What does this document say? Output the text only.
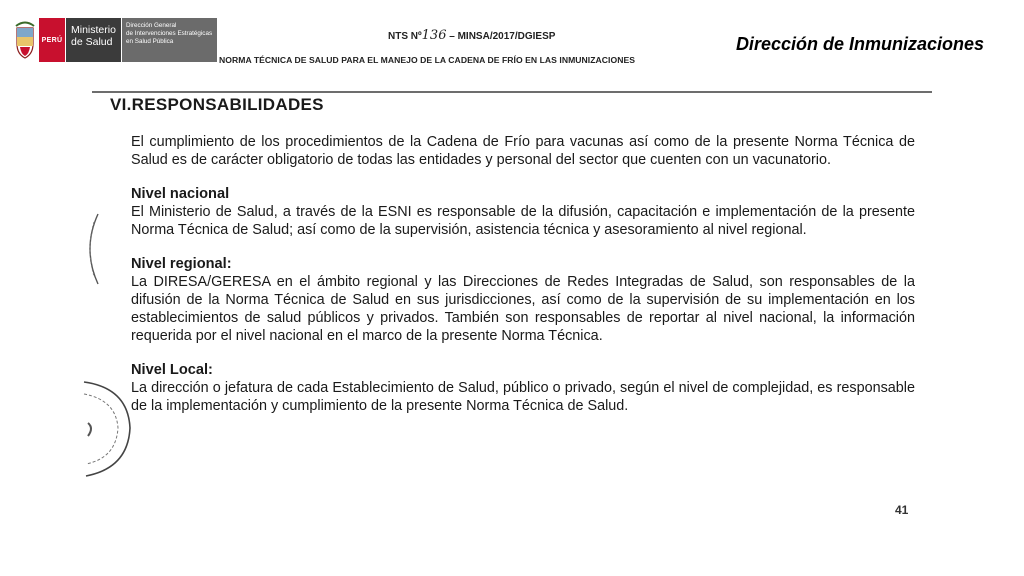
PERÚ
Ministerio
de Salud
Dirección General
de Intervenciones Estratégicas
en Salud Pública	NTS Nº136 – MINSA/2017/DGIESP
NORMA TÉCNICA DE SALUD PARA EL MANEJO DE LA CADENA DE FRÍO EN LAS INMUNIZACIONES
Dirección de Inmunizaciones
VI.RESPONSABILIDADES

El cumplimiento de los procedimientos de la Cadena de Frío para vacunas así como de la presente Norma Técnica de Salud es de carácter obligatorio de todas las entidades y personal del sector que cuenten con un vacunatorio.

Nivel nacional

El Ministerio de Salud, a través de la ESNI es responsable de la difusión, capacitación e implementación de la presente Norma Técnica de Salud; así como de la supervisión, asistencia técnica y asesoramiento al nivel regional.

Nivel regional:

La DIRESA/GERESA en el ámbito regional y las Direcciones de Redes Integradas de Salud, son responsables de la difusión de la Norma Técnica de Salud en sus jurisdicciones, así como de la supervisión de su implementación en los establecimientos de salud públicos y privados. También son responsables de reportar al nivel nacional, la información requerida por el nivel nacional en el marco de la presente Norma Técnica.

Nivel Local:

La dirección o jefatura de cada Establecimiento de Salud, público o privado, según el nivel de complejidad, es responsable de la implementación y cumplimiento de la presente Norma Técnica de Salud.

41
